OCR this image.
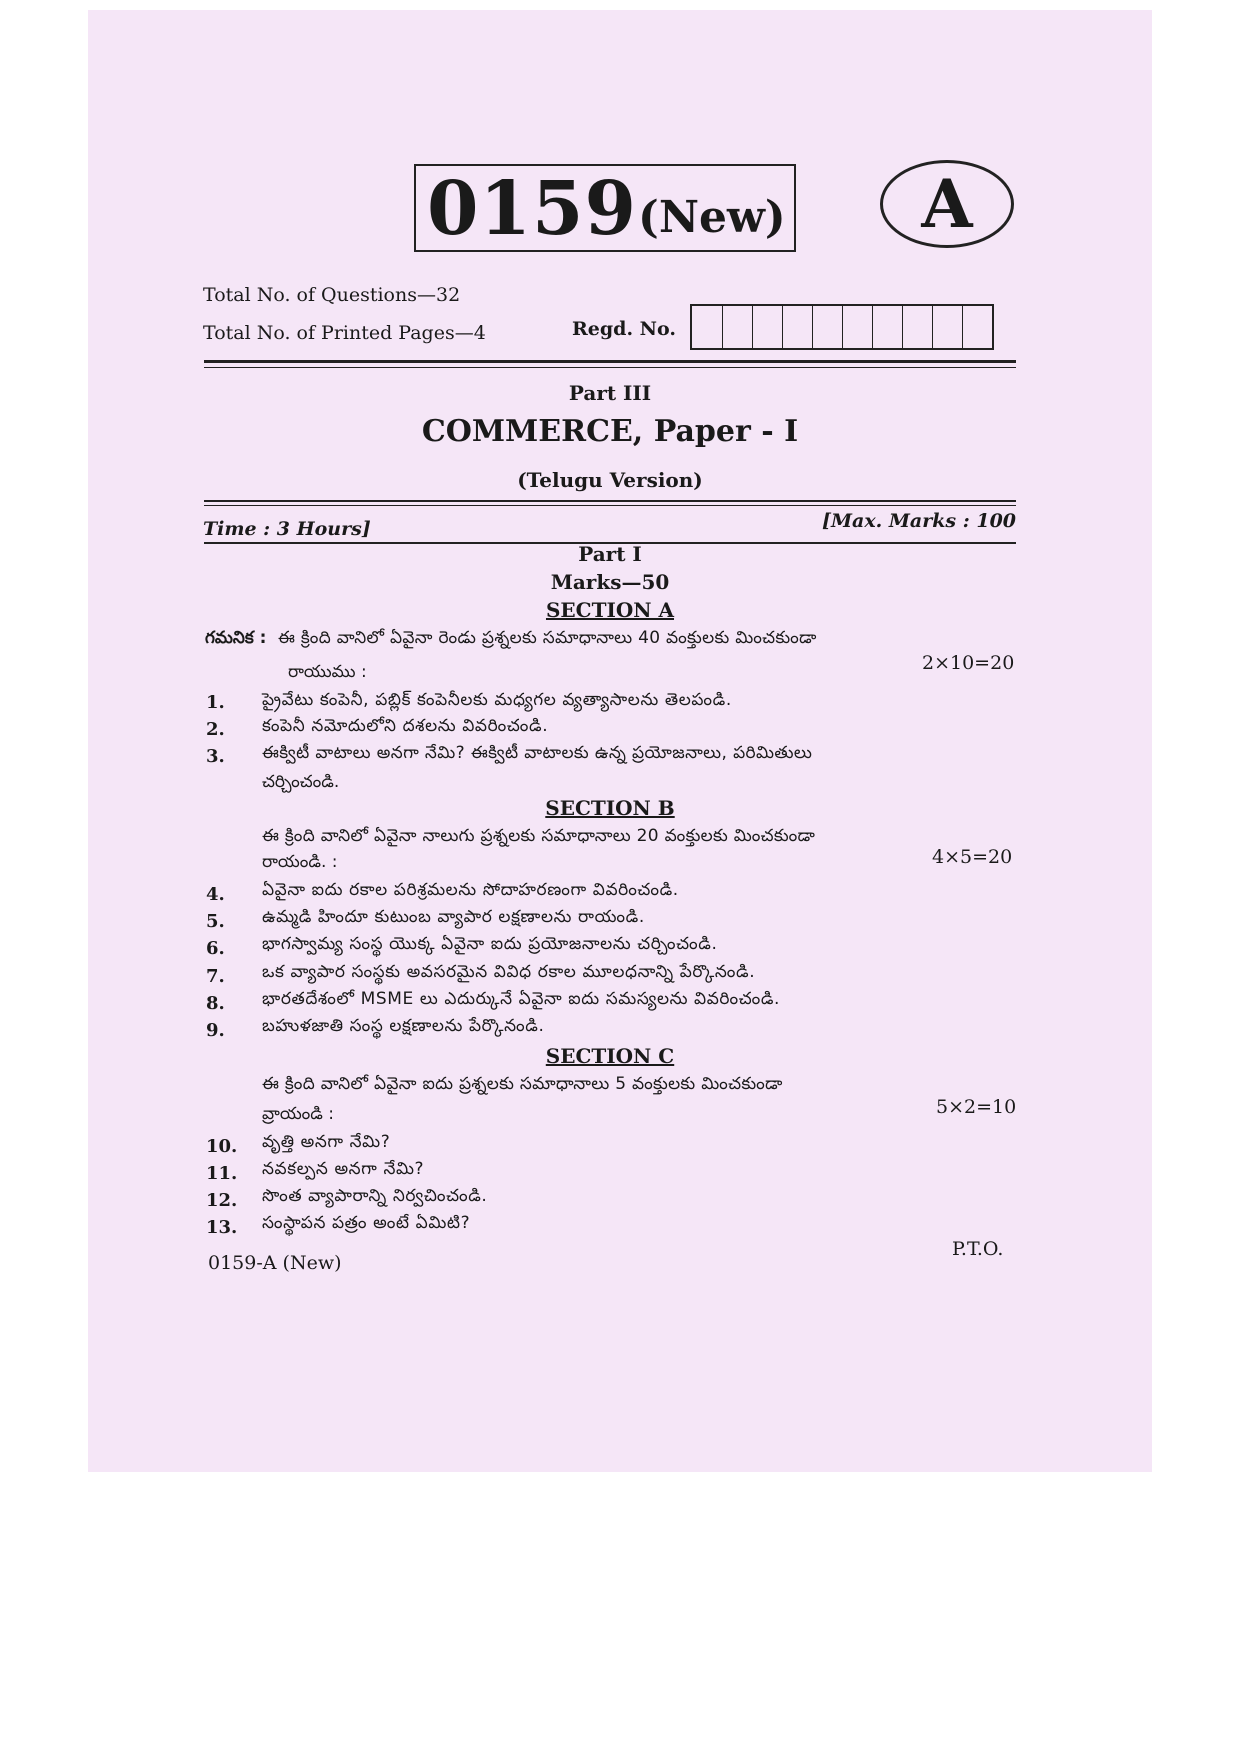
0159 (New) A
Total No. of Questions—32
Total No. of Printed Pages—4	Regd. No.
Part III
COMMERCE, Paper - I
(Telugu Version)
Time : 3 Hours]	[Max. Marks : 100
Part I
Marks—50
SECTION A
గమనిక : ఈ క్రింది వానిలో ఏవైనా రెండు ప్రశ్నలకు సమాధానాలు 40 వంక్తులకు మించకుండా
2×10=20
రాయుము :
1. ప్రైవేటు కంపెనీ, పబ్లిక్ కంపెనీలకు మధ్యగల వ్యత్యాసాలను తెలపండి.
2. కంపెనీ నమోదులోని దశలను వివరించండి.
3. ఈక్విటీ వాటాలు అనగా నేమి? ఈక్విటీ వాటాలకు ఉన్న ప్రయోజనాలు, పరిమితులు
చర్చించండి.
SECTION B
ఈ క్రింది వానిలో ఏవైనా నాలుగు ప్రశ్నలకు సమాధానాలు 20 వంక్తులకు మించకుండా
4×5=20
రాయండి. :
4. ఏవైనా ఐదు రకాల పరిశ్రమలను సోదాహరణంగా వివరించండి.
5. ఉమ్మడి హిందూ కుటుంబ వ్యాపార లక్షణాలను రాయండి.
6. భాగస్వామ్య సంస్థ యొక్క ఏవైనా ఐదు ప్రయోజనాలను చర్చించండి.
7. ఒక వ్యాపార సంస్థకు అవసరమైన వివిధ రకాల మూలధనాన్ని పేర్కొనండి.
8. భారతదేశంలో MSME లు ఎదుర్కునే ఏవైనా ఐదు సమస్యలను వివరించండి.
9. బహుళజాతి సంస్థ లక్షణాలను పేర్కొనండి.
SECTION C
ఈ క్రింది వానిలో ఏవైనా ఐదు ప్రశ్నలకు సమాధానాలు 5 వంక్తులకు మించకుండా
5×2=10
వ్రాయండి :
10. వృత్తి అనగా నేమి?
11. నవకల్పన అనగా నేమి?
12. సొంత వ్యాపారాన్ని నిర్వచించండి.
13. సంస్థాపన పత్రం అంటే ఏమిటి?
P.T.O.
0159-A (New)
